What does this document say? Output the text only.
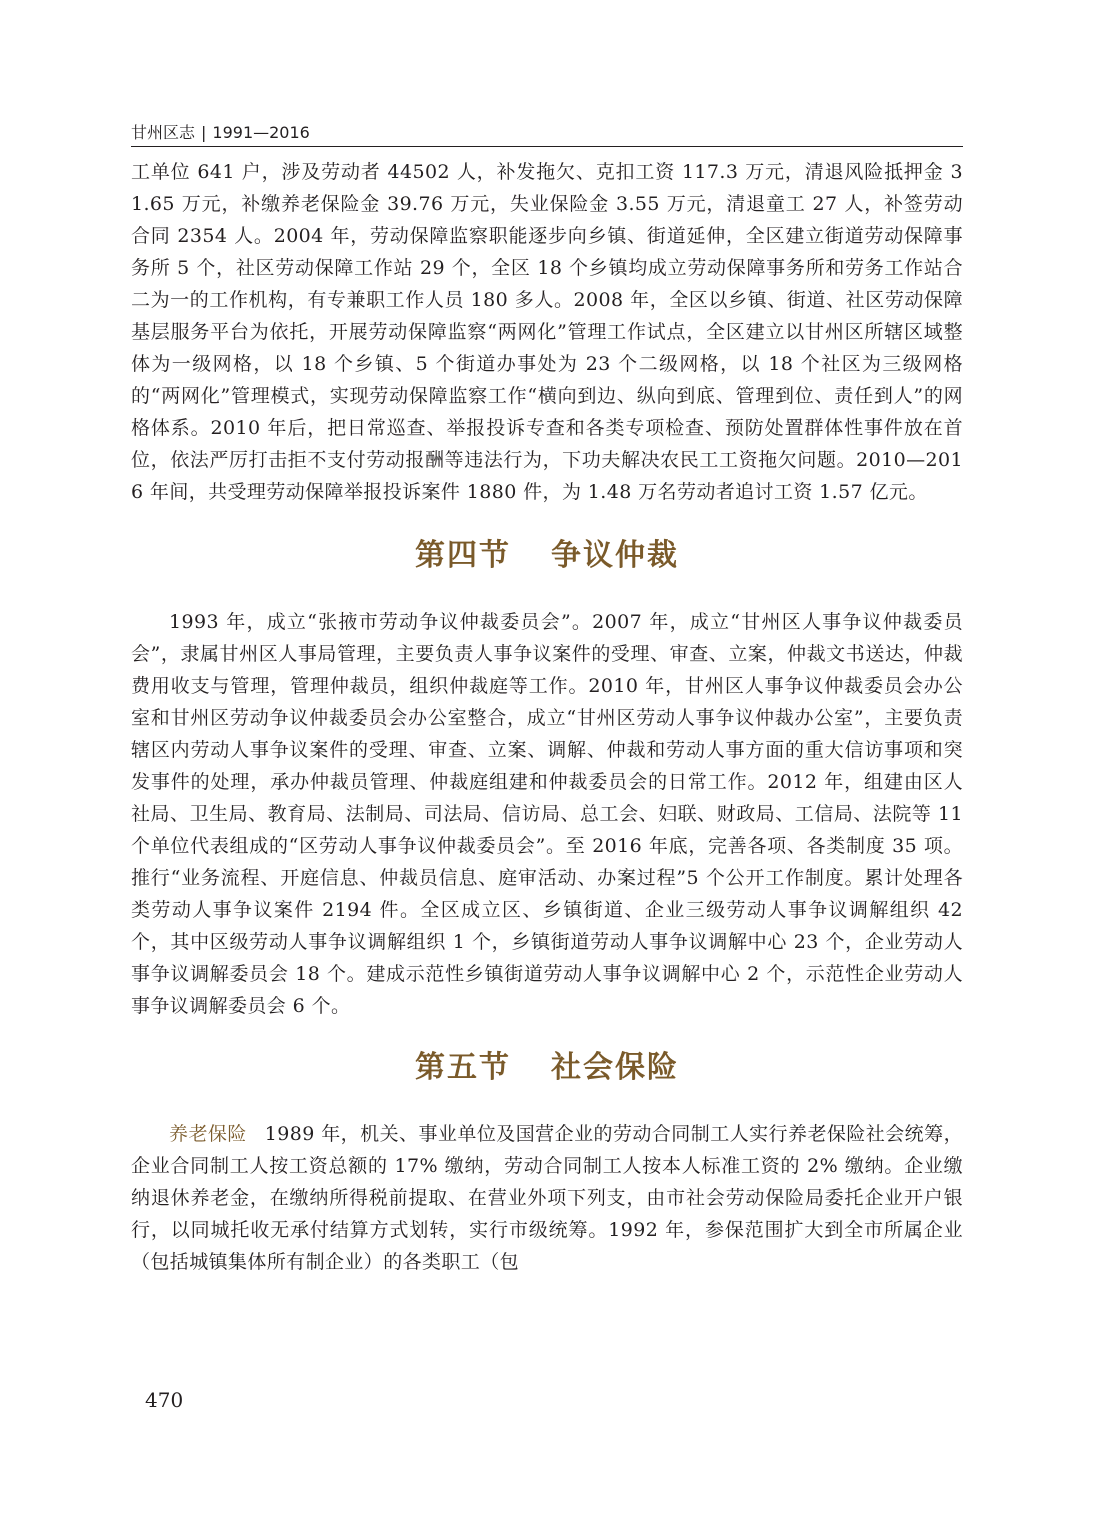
甘州区志 | 1991—2016

工单位 641 户，涉及劳动者 44502 人，补发拖欠、克扣工资 117.3 万元，清退风险抵押金 31.65 万元，补缴养老保险金 39.76 万元，失业保险金 3.55 万元，清退童工 27 人，补签劳动合同 2354 人。2004 年，劳动保障监察职能逐步向乡镇、街道延伸，全区建立街道劳动保障事务所 5 个，社区劳动保障工作站 29 个，全区 18 个乡镇均成立劳动保障事务所和劳务工作站合二为一的工作机构，有专兼职工作人员 180 多人。2008 年，全区以乡镇、街道、社区劳动保障基层服务平台为依托，开展劳动保障监察“两网化”管理工作试点，全区建立以甘州区所辖区域整体为一级网格，以 18 个乡镇、5 个街道办事处为 23 个二级网格，以 18 个社区为三级网格的“两网化”管理模式，实现劳动保障监察工作“横向到边、纵向到底、管理到位、责任到人”的网格体系。2010 年后，把日常巡查、举报投诉专查和各类专项检查、预防处置群体性事件放在首位，依法严厉打击拒不支付劳动报酬等违法行为，下功夫解决农民工工资拖欠问题。2010—2016 年间，共受理劳动保障举报投诉案件 1880 件，为 1.48 万名劳动者追讨工资 1.57 亿元。

第四节 争议仲裁

1993 年，成立“张掖市劳动争议仲裁委员会”。2007 年，成立“甘州区人事争议仲裁委员会”，隶属甘州区人事局管理，主要负责人事争议案件的受理、审查、立案，仲裁文书送达，仲裁费用收支与管理，管理仲裁员，组织仲裁庭等工作。2010 年，甘州区人事争议仲裁委员会办公室和甘州区劳动争议仲裁委员会办公室整合，成立“甘州区劳动人事争议仲裁办公室”，主要负责辖区内劳动人事争议案件的受理、审查、立案、调解、仲裁和劳动人事方面的重大信访事项和突发事件的处理，承办仲裁员管理、仲裁庭组建和仲裁委员会的日常工作。2012 年，组建由区人社局、卫生局、教育局、法制局、司法局、信访局、总工会、妇联、财政局、工信局、法院等 11 个单位代表组成的“区劳动人事争议仲裁委员会”。至 2016 年底，完善各项、各类制度 35 项。推行“业务流程、开庭信息、仲裁员信息、庭审活动、办案过程”5 个公开工作制度。累计处理各类劳动人事争议案件 2194 件。全区成立区、乡镇街道、企业三级劳动人事争议调解组织 42 个，其中区级劳动人事争议调解组织 1 个，乡镇街道劳动人事争议调解中心 23 个，企业劳动人事争议调解委员会 18 个。建成示范性乡镇街道劳动人事争议调解中心 2 个，示范性企业劳动人事争议调解委员会 6 个。

第五节 社会保险

养老保险 1989 年，机关、事业单位及国营企业的劳动合同制工人实行养老保险社会统筹，企业合同制工人按工资总额的 17% 缴纳，劳动合同制工人按本人标准工资的 2% 缴纳。企业缴纳退休养老金，在缴纳所得税前提取、在营业外项下列支，由市社会劳动保险局委托企业开户银行，以同城托收无承付结算方式划转，实行市级统筹。1992 年，参保范围扩大到全市所属企业（包括城镇集体所有制企业）的各类职工（包

470
